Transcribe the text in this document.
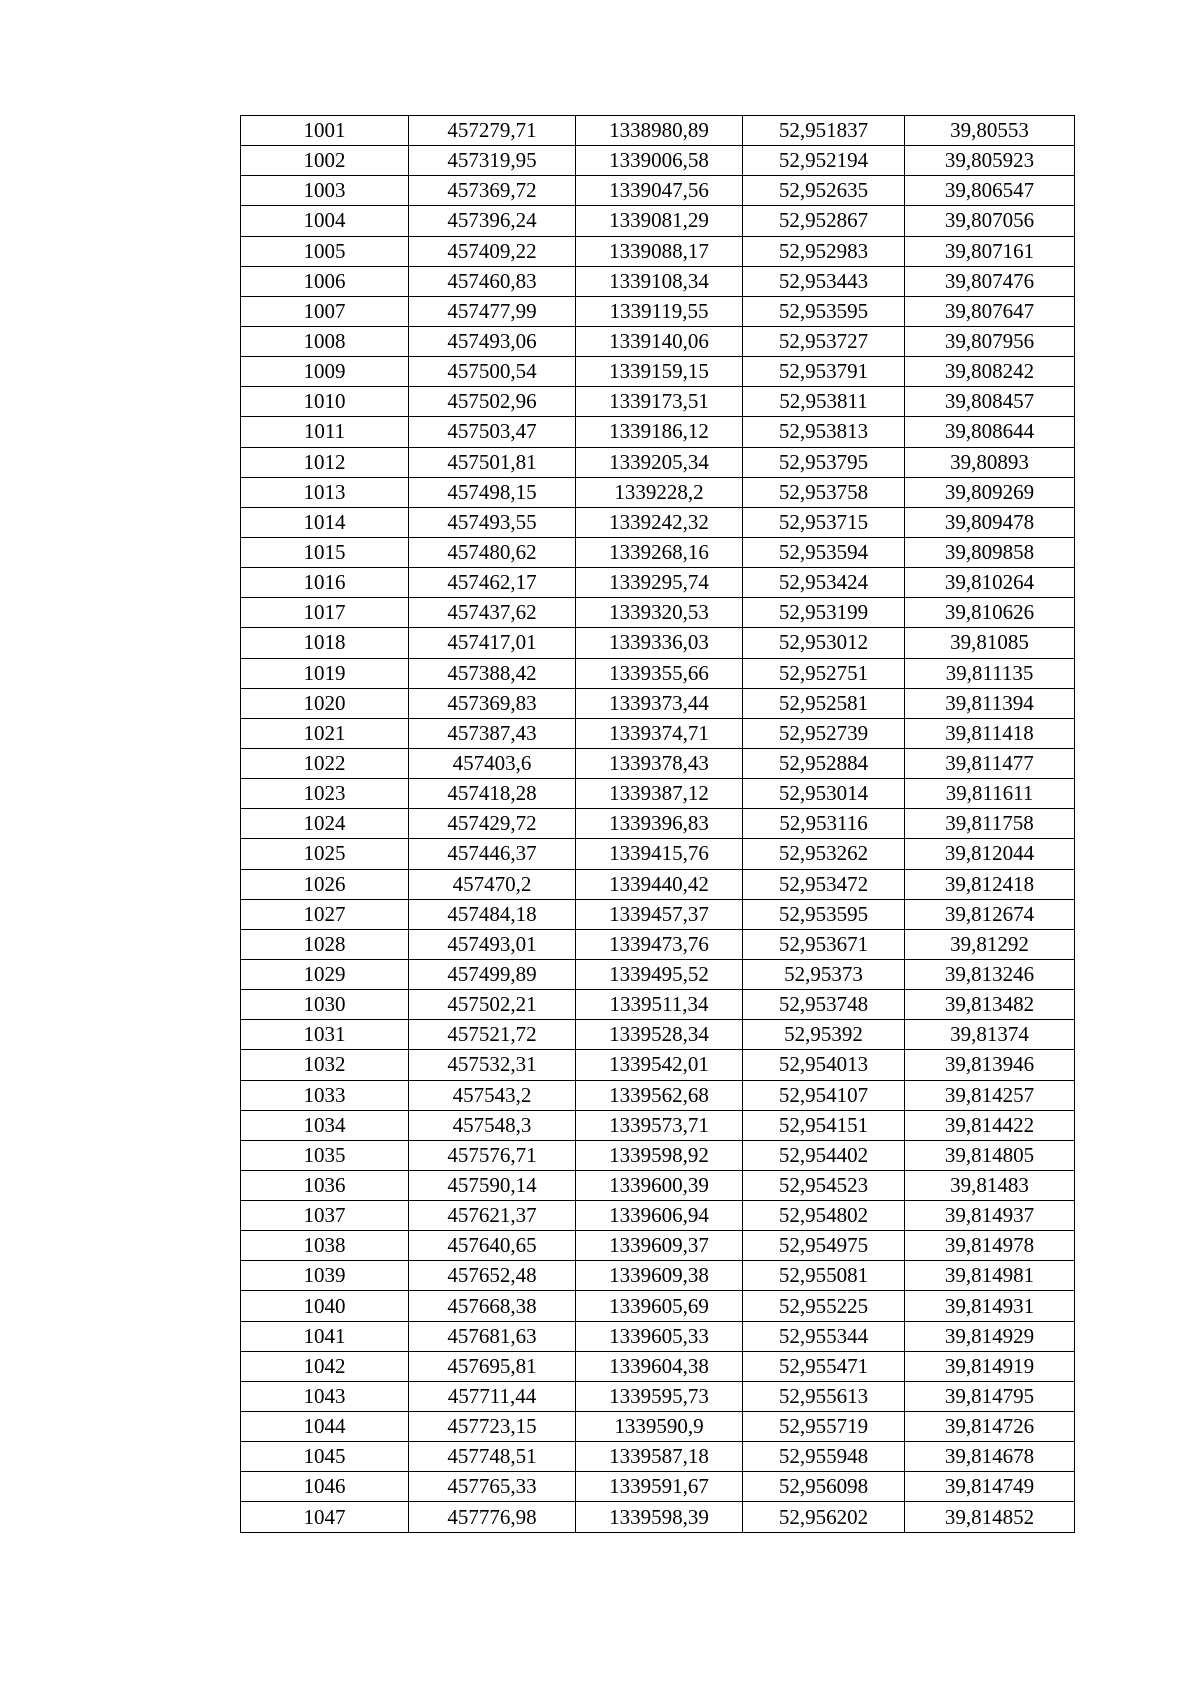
1001	457279,71	1338980,89	52,951837	39,80553
1002	457319,95	1339006,58	52,952194	39,805923
1003	457369,72	1339047,56	52,952635	39,806547
1004	457396,24	1339081,29	52,952867	39,807056
1005	457409,22	1339088,17	52,952983	39,807161
1006	457460,83	1339108,34	52,953443	39,807476
1007	457477,99	1339119,55	52,953595	39,807647
1008	457493,06	1339140,06	52,953727	39,807956
1009	457500,54	1339159,15	52,953791	39,808242
1010	457502,96	1339173,51	52,953811	39,808457
1011	457503,47	1339186,12	52,953813	39,808644
1012	457501,81	1339205,34	52,953795	39,80893
1013	457498,15	1339228,2	52,953758	39,809269
1014	457493,55	1339242,32	52,953715	39,809478
1015	457480,62	1339268,16	52,953594	39,809858
1016	457462,17	1339295,74	52,953424	39,810264
1017	457437,62	1339320,53	52,953199	39,810626
1018	457417,01	1339336,03	52,953012	39,81085
1019	457388,42	1339355,66	52,952751	39,811135
1020	457369,83	1339373,44	52,952581	39,811394
1021	457387,43	1339374,71	52,952739	39,811418
1022	457403,6	1339378,43	52,952884	39,811477
1023	457418,28	1339387,12	52,953014	39,811611
1024	457429,72	1339396,83	52,953116	39,811758
1025	457446,37	1339415,76	52,953262	39,812044
1026	457470,2	1339440,42	52,953472	39,812418
1027	457484,18	1339457,37	52,953595	39,812674
1028	457493,01	1339473,76	52,953671	39,81292
1029	457499,89	1339495,52	52,95373	39,813246
1030	457502,21	1339511,34	52,953748	39,813482
1031	457521,72	1339528,34	52,95392	39,81374
1032	457532,31	1339542,01	52,954013	39,813946
1033	457543,2	1339562,68	52,954107	39,814257
1034	457548,3	1339573,71	52,954151	39,814422
1035	457576,71	1339598,92	52,954402	39,814805
1036	457590,14	1339600,39	52,954523	39,81483
1037	457621,37	1339606,94	52,954802	39,814937
1038	457640,65	1339609,37	52,954975	39,814978
1039	457652,48	1339609,38	52,955081	39,814981
1040	457668,38	1339605,69	52,955225	39,814931
1041	457681,63	1339605,33	52,955344	39,814929
1042	457695,81	1339604,38	52,955471	39,814919
1043	457711,44	1339595,73	52,955613	39,814795
1044	457723,15	1339590,9	52,955719	39,814726
1045	457748,51	1339587,18	52,955948	39,814678
1046	457765,33	1339591,67	52,956098	39,814749
1047	457776,98	1339598,39	52,956202	39,814852
